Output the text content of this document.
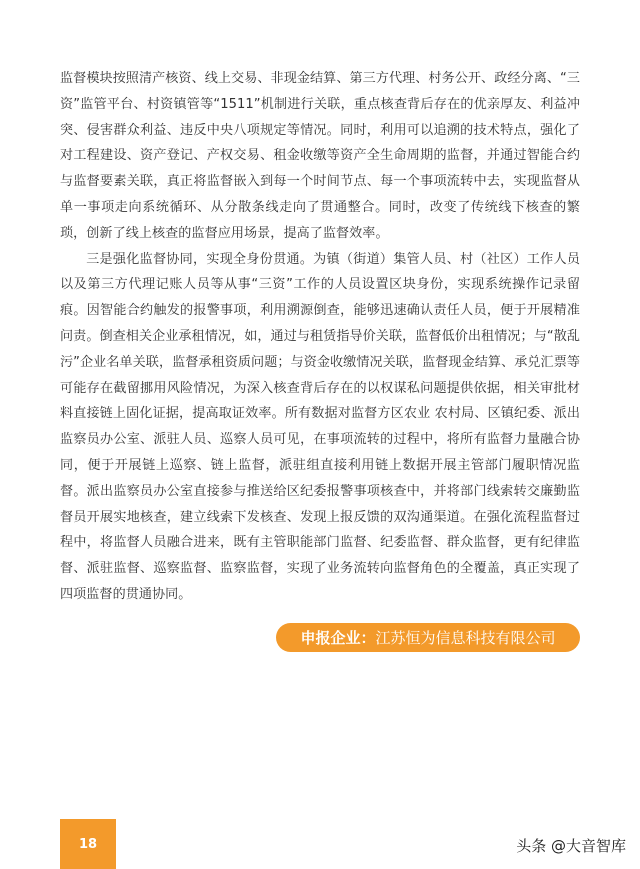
监督模块按照清产核资、线上交易、非现金结算、第三方代理、村务公开、政经分离、“三资”监管平台、村资镇管等“1511”机制进行关联，重点核查背后存在的优亲厚友、利益冲突、侵害群众利益、违反中央八项规定等情况。同时，利用可以追溯的技术特点，强化了对工程建设、资产登记、产权交易、租金收缴等资产全生命周期的监督，并通过智能合约与监督要素关联，真正将监督嵌入到每一个时间节点、每一个事项流转中去，实现监督从单一事项走向系统循环、从分散条线走向了贯通整合。同时，改变了传统线下核查的繁琐，创新了线上核查的监督应用场景，提高了监督效率。

三是强化监督协同，实现全身份贯通。为镇（街道）集管人员、村（社区）工作人员以及第三方代理记账人员等从事“三资”工作的人员设置区块身份，实现系统操作记录留痕。因智能合约触发的报警事项，利用溯源倒查，能够迅速确认责任人员，便于开展精准问责。倒查相关企业承租情况，如，通过与租赁指导价关联，监督低价出租情况；与“散乱污”企业名单关联，监督承租资质问题；与资金收缴情况关联，监督现金结算、承兑汇票等可能存在截留挪用风险情况，为深入核查背后存在的以权谋私问题提供依据，相关审批材料直接链上固化证据，提高取证效率。所有数据对监督方区农业 农村局、区镇纪委、派出监察员办公室、派驻人员、巡察人员可见，在事项流转的过程中，将所有监督力量融合协同，便于开展链上巡察、链上监督，派驻组直接利用链上数据开展主管部门履职情况监督。派出监察员办公室直接参与推送给区纪委报警事项核查中，并将部门线索转交廉勤监督员开展实地核查，建立线索下发核查、发现上报反馈的双沟通渠道。在强化流程监督过程中，将监督人员融合进来，既有主管职能部门监督、纪委监督、群众监督，更有纪律监督、派驻监督、巡察监督、监察监督，实现了业务流转向监督角色的全覆盖，真正实现了四项监督的贯通协同。

申报企业： 江苏恒为信息科技有限公司
18	头条 @大音智库
